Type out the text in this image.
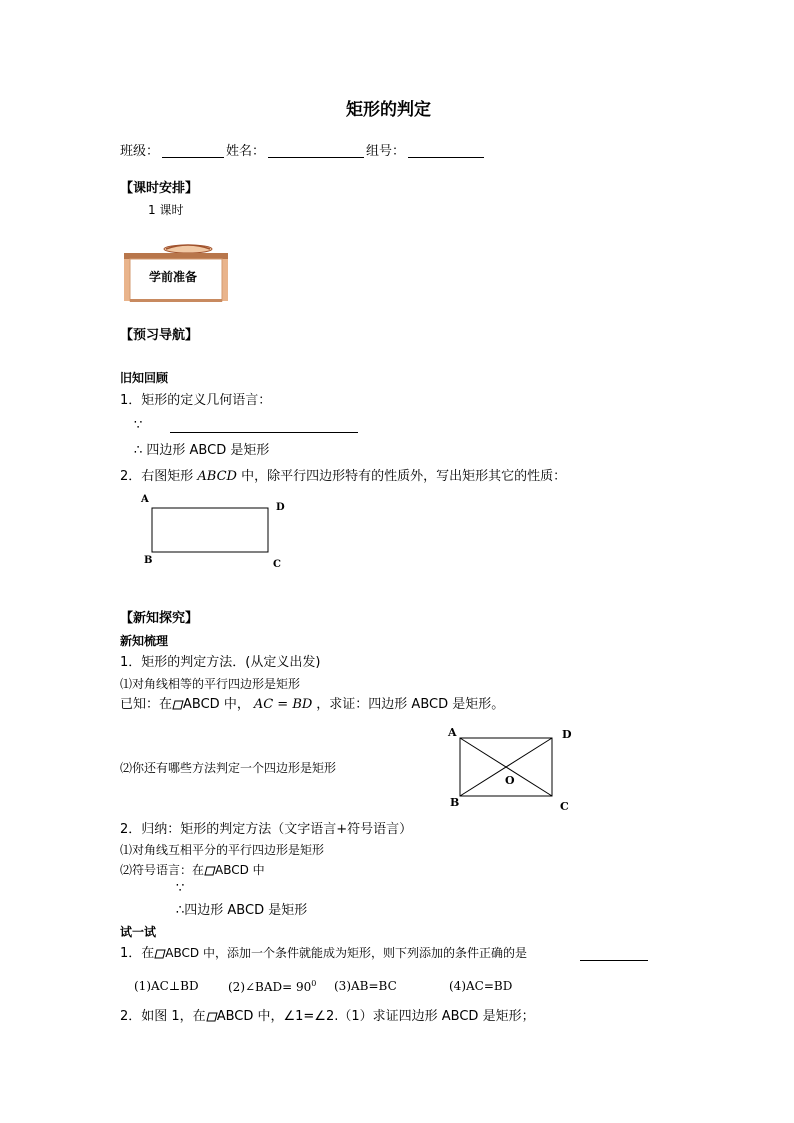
矩形的判定
班级：	姓名：	组号：
【课时安排】
1 课时
学前准备
【预习导航】
旧知回顾
1．矩形的定义几何语言：
∵
∴ 四边形 ABCD 是矩形
2．右图矩形 ABCD 中，除平行四边形特有的性质外，写出矩形其它的性质：
A
D
B	C
【新知探究】
新知梳理
1．矩形的判定方法．(从定义出发)
⑴对角线相等的平行四边形是矩形
已知：在 ABCD 中， AC = BD ，求证：四边形 ABCD 是矩形。
A	D
B	C
O
⑵你还有哪些方法判定一个四边形是矩形
2．归纳：矩形的判定方法（文字语言+符号语言）
⑴对角线互相平分的平行四边形是矩形
⑵符号语言：在 ABCD 中
∵
∴四边形 ABCD 是矩形
试一试
1．在 ABCD 中，添加一个条件就能成为矩形，则下列添加的条件正确的是
(1)AC⊥BD (2)∠BAD= $90^0$ (3)AB=BC	(4)AC=BD
2．如图 1，在 ABCD 中，∠1=∠2.（1）求证四边形 ABCD 是矩形；
